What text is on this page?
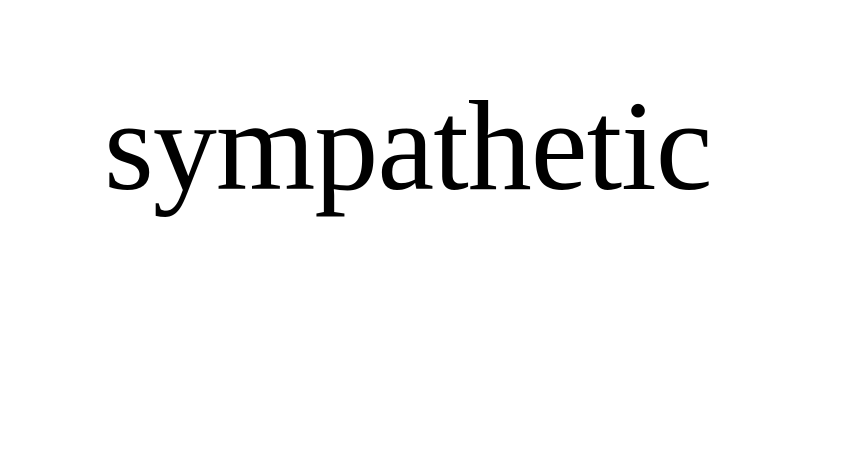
sympathetic
